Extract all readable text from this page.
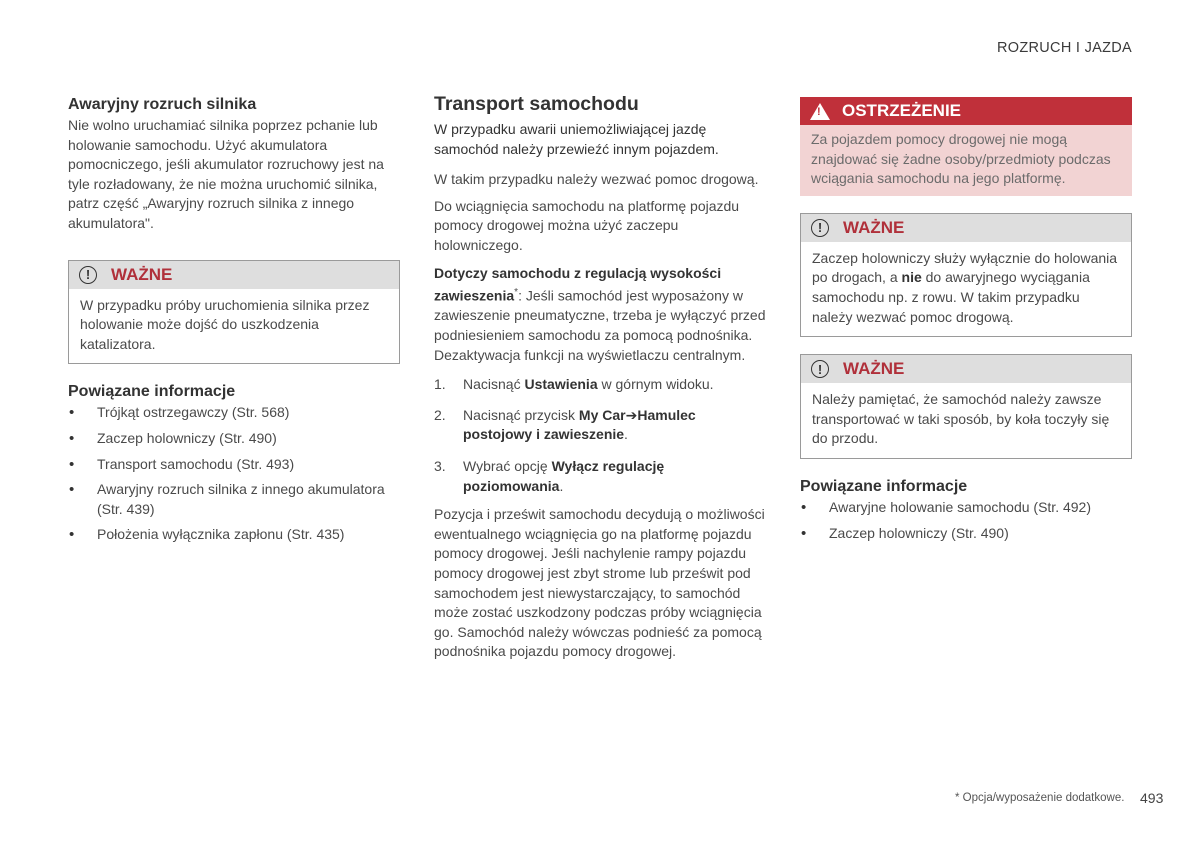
ROZRUCH I JAZDA
Awaryjny rozruch silnika

Nie wolno uruchamiać silnika poprzez pchanie lub holowanie samochodu. Użyć akumulatora pomocniczego, jeśli akumulator rozruchowy jest na tyle rozładowany, że nie można uruchomić silnika, patrz część „Awaryjny rozruch silnika z innego akumulatora".

!	WAŻNE
W przypadku próby uruchomienia silnika przez holowanie może dojść do uszkodzenia katalizatora.
Powiązane informacje
• Trójkąt ostrzegawczy (Str. 568)
• Zaczep holowniczy (Str. 490)
• Transport samochodu (Str. 493)
• Awaryjny rozruch silnika z innego akumulatora (Str. 439)
• Położenia wyłącznika zapłonu (Str. 435)
Transport samochodu

W przypadku awarii uniemożliwiającej jazdę samochód należy przewieźć innym pojazdem.

W takim przypadku należy wezwać pomoc drogową.

Do wciągnięcia samochodu na platformę pojazdu pomocy drogowej można użyć zaczepu holowniczego.

Dotyczy samochodu z regulacją wysokości zawieszenia*: Jeśli samochód jest wyposażony w zawieszenie pneumatyczne, trzeba je wyłączyć przed podniesieniem samochodu za pomocą podnośnika. Dezaktywacja funkcji na wyświetlaczu centralnym.

1. Nacisnąć Ustawienia w górnym widoku.
2. Nacisnąć przycisk My Car➔Hamulec postojowy i zawieszenie.
3. Wybrać opcję Wyłącz regulację poziomowania.

Pozycja i prześwit samochodu decydują o możliwości ewentualnego wciągnięcia go na platformę pojazdu pomocy drogowej. Jeśli nachylenie rampy pojazdu pomocy drogowej jest zbyt strome lub prześwit pod samochodem jest niewystarczający, to samochód może zostać uszkodzony podczas próby wciągnięcia go. Samochód należy wówczas podnieść za pomocą podnośnika pojazdu pomocy drogowej.

! OSTRZEŻENIE
Za pojazdem pomocy drogowej nie mogą znajdować się żadne osoby/przedmioty podczas wciągania samochodu na jego platformę.
!	WAŻNE
Zaczep holowniczy służy wyłącznie do holowania po drogach, a nie do awaryjnego wyciągania samochodu np. z rowu. W takim przypadku należy wezwać pomoc drogową.
!	WAŻNE
Należy pamiętać, że samochód należy zawsze transportować w taki sposób, by koła toczyły się do przodu.
Powiązane informacje
• Awaryjne holowanie samochodu (Str. 492)
• Zaczep holowniczy (Str. 490)
* Opcja/wyposażenie dodatkowe. 493
